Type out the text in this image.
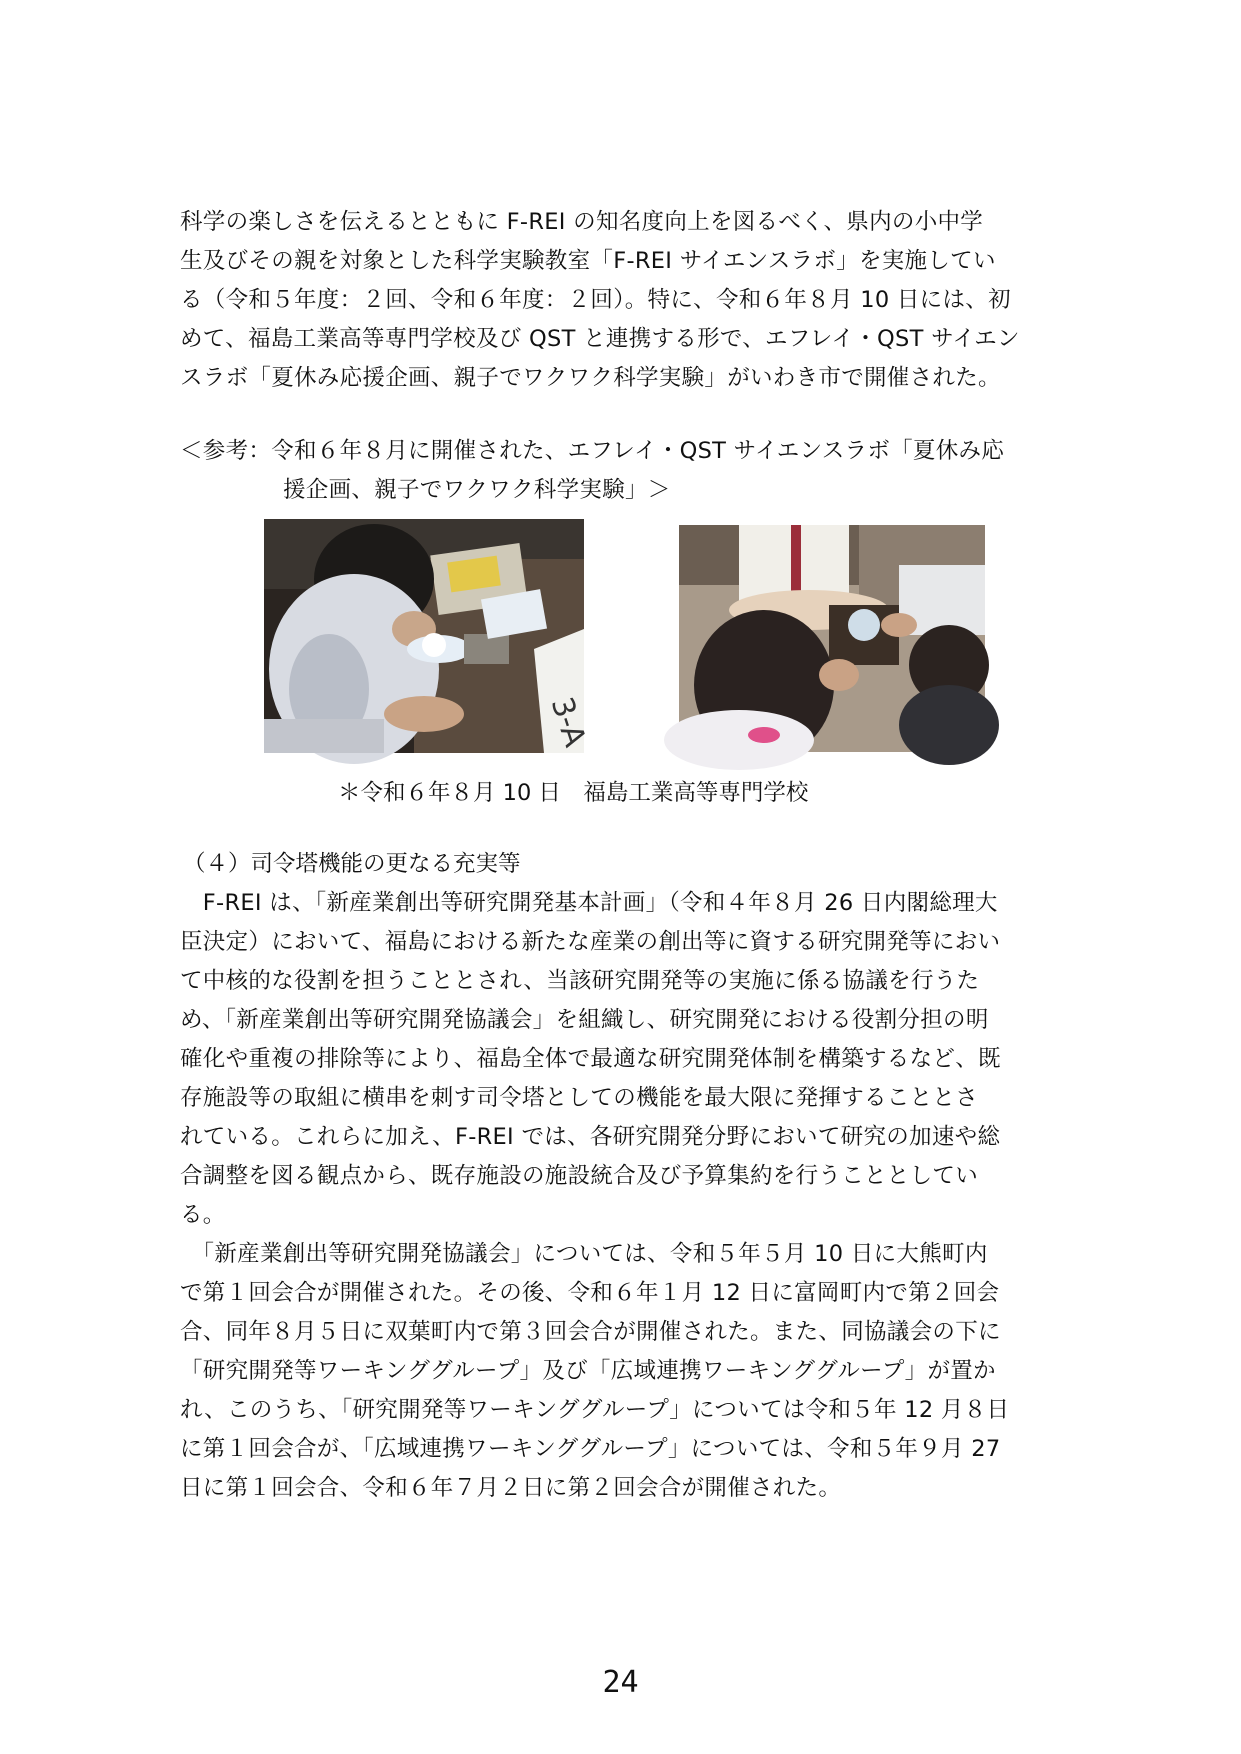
科学の楽しさを伝えるとともに F-REI の知名度向上を図るべく、県内の小中学
生及びその親を対象とした科学実験教室「F-REI サイエンスラボ」を実施してい
る（令和５年度：２回、令和６年度：２回）。特に、令和６年８月 10 日には、初
めて、福島工業高等専門学校及び QST と連携する形で、エフレイ・QST サイエン
スラボ「夏休み応援企画、親子でワクワク科学実験」がいわき市で開催された。
＜参考：令和６年８月に開催された、エフレイ・QST サイエンスラボ「夏休み応
援企画、親子でワクワク科学実験」＞
3-A
＊令和６年８月 10 日　福島工業高等専門学校
（４）司令塔機能の更なる充実等
　F-REI は、「新産業創出等研究開発基本計画」（令和４年８月 26 日内閣総理大
臣決定）において、福島における新たな産業の創出等に資する研究開発等におい
て中核的な役割を担うこととされ、当該研究開発等の実施に係る協議を行うた
め、「新産業創出等研究開発協議会」を組織し、研究開発における役割分担の明
確化や重複の排除等により、福島全体で最適な研究開発体制を構築するなど、既
存施設等の取組に横串を刺す司令塔としての機能を最大限に発揮することとさ
れている。これらに加え、F-REI では、各研究開発分野において研究の加速や総
合調整を図る観点から、既存施設の施設統合及び予算集約を行うこととしてい
る。
　「新産業創出等研究開発協議会」については、令和５年５月 10 日に大熊町内
で第１回会合が開催された。その後、令和６年１月 12 日に富岡町内で第２回会
合、同年８月５日に双葉町内で第３回会合が開催された。また、同協議会の下に
「研究開発等ワーキンググループ」及び「広域連携ワーキンググループ」が置か
れ、このうち、「研究開発等ワーキンググループ」については令和５年 12 月８日
に第１回会合が、「広域連携ワーキンググループ」については、令和５年９月 27
日に第１回会合、令和６年７月２日に第２回会合が開催された。
24
